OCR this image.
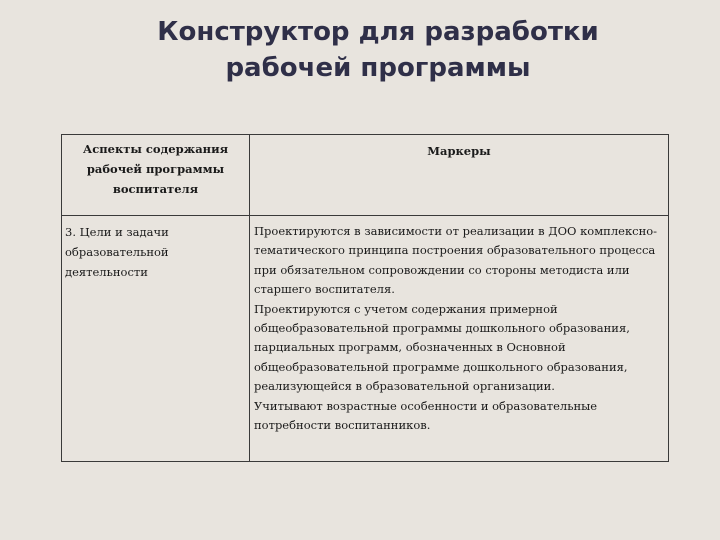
Конструктор для разработки
рабочей программы
Аспекты содержания рабочей программы воспитателя	Маркеры
3. Цели и задачи образовательной деятельности	Проектируются в зависимости от реализации в ДОО комплексно-тематического принципа построения образовательного процесса при обязательном сопровождении со стороны методиста или старшего воспитателя.
Проектируются с учетом содержания примерной общеобразовательной программы дошкольного образования, парциальных программ, обозначенных в Основной общеобразовательной программе дошкольного образования, реализующейся в образовательной организации.
Учитывают возрастные особенности и образовательные потребности воспитанников.
